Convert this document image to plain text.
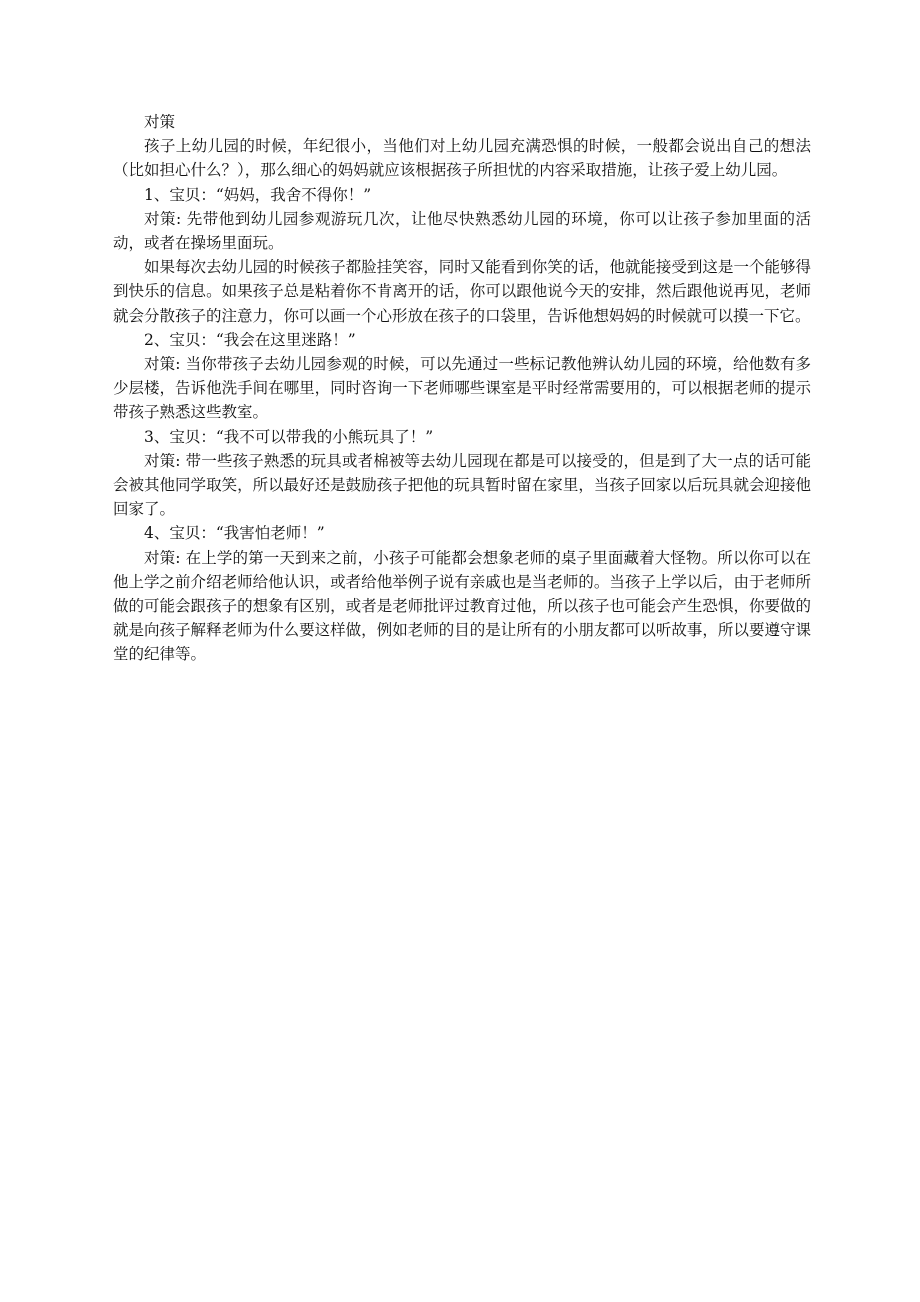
对策

孩子上幼儿园的时候，年纪很小，当他们对上幼儿园充满恐惧的时候，一般都会说出自己的想法（比如担心什么？），那么细心的妈妈就应该根据孩子所担忧的内容采取措施，让孩子爱上幼儿园。

1、宝贝：“妈妈，我舍不得你！”

对策: 先带他到幼儿园参观游玩几次，让他尽快熟悉幼儿园的环境，你可以让孩子参加里面的活动，或者在操场里面玩。

如果每次去幼儿园的时候孩子都脸挂笑容，同时又能看到你笑的话，他就能接受到这是一个能够得到快乐的信息。如果孩子总是粘着你不肯离开的话，你可以跟他说今天的安排，然后跟他说再见，老师就会分散孩子的注意力，你可以画一个心形放在孩子的口袋里，告诉他想妈妈的时候就可以摸一下它。

2、宝贝：“我会在这里迷路！”

对策: 当你带孩子去幼儿园参观的时候，可以先通过一些标记教他辨认幼儿园的环境，给他数有多少层楼，告诉他洗手间在哪里，同时咨询一下老师哪些课室是平时经常需要用的，可以根据老师的提示带孩子熟悉这些教室。

3、宝贝：“我不可以带我的小熊玩具了！”

对策: 带一些孩子熟悉的玩具或者棉被等去幼儿园现在都是可以接受的，但是到了大一点的话可能会被其他同学取笑，所以最好还是鼓励孩子把他的玩具暂时留在家里，当孩子回家以后玩具就会迎接他回家了。

4、宝贝：“我害怕老师！”

对策: 在上学的第一天到来之前，小孩子可能都会想象老师的桌子里面藏着大怪物。所以你可以在他上学之前介绍老师给他认识，或者给他举例子说有亲戚也是当老师的。当孩子上学以后，由于老师所做的可能会跟孩子的想象有区别，或者是老师批评过教育过他，所以孩子也可能会产生恐惧，你要做的就是向孩子解释老师为什么要这样做，例如老师的目的是让所有的小朋友都可以听故事，所以要遵守课堂的纪律等。
